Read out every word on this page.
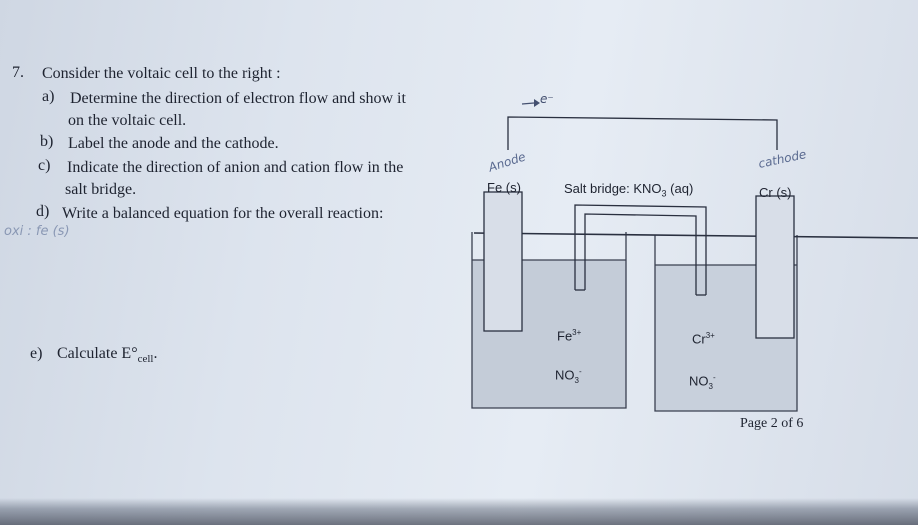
7. Consider the voltaic cell to the right :
a) Determine the direction of electron flow and show it
on the voltaic cell.
b) Label the anode and the cathode.
c) Indicate the direction of anion and cation flow in the
salt bridge.
d) Write a balanced equation for the overall reaction:
oxi : fe (s)
e) Calculate $E^\circ_{cell}$.
e⁻
Anode	cathode
Fe (s)	Cr (s)
Salt bridge: $KNO_3$ (aq)
$Fe^{3+}$
$NO_3^-$
$Cr^{3+}$
$NO_3^-$
Page 2 of 6
